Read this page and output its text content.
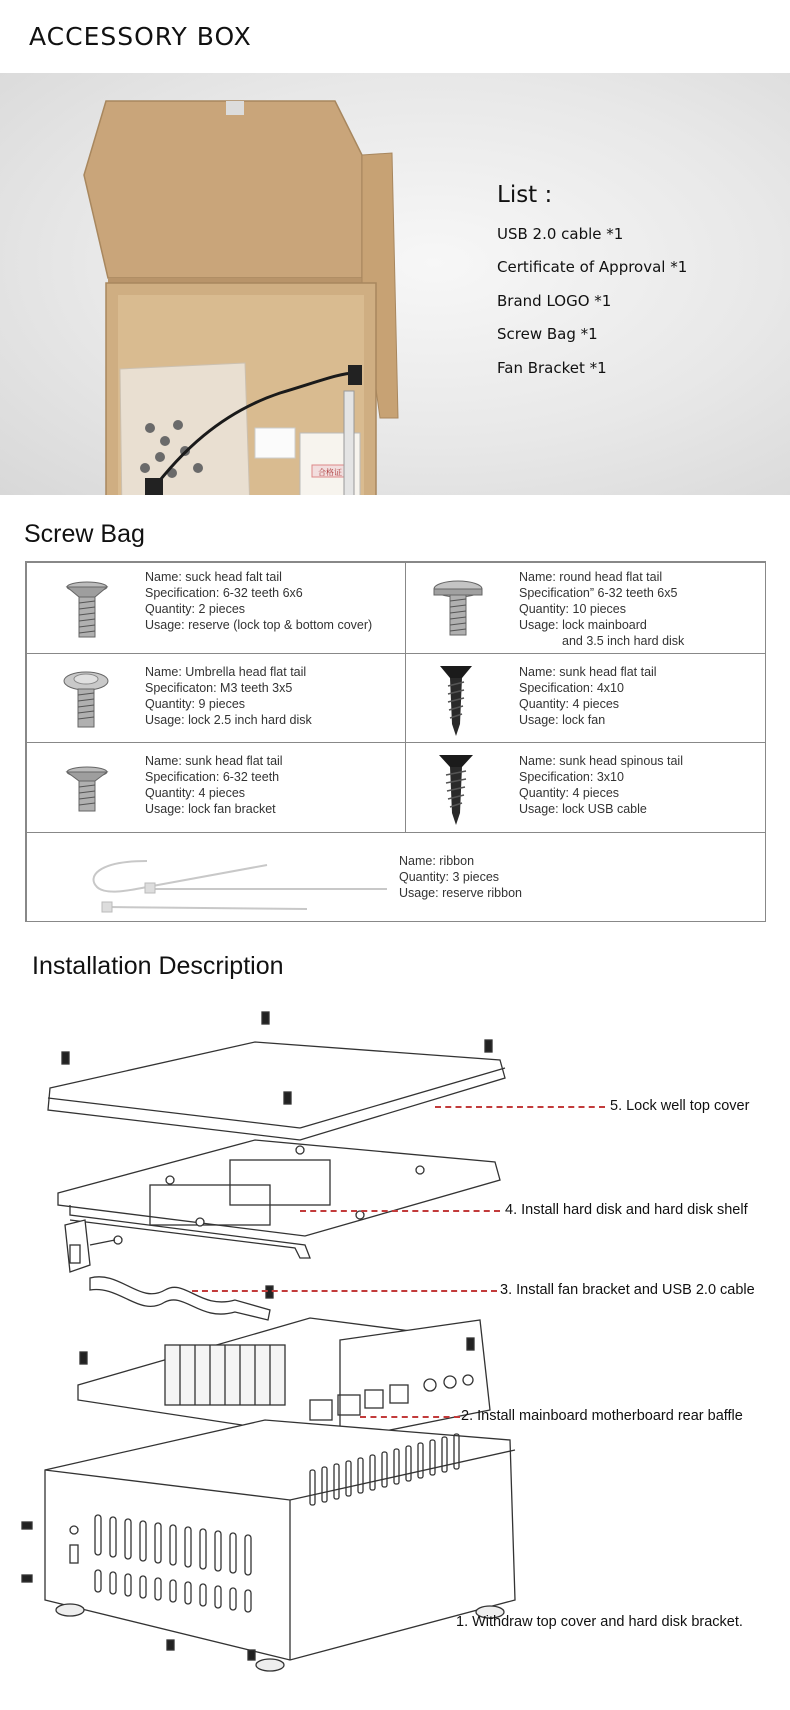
ACCESSORY BOX
合格证
List :
USB 2.0 cable *1
Certificate of Approval *1
Brand LOGO *1
Screw Bag *1
Fan Bracket *1
Screw Bag
Name: suck head falt tail
Specification: 6-32 teeth 6x6
Quantity: 2 pieces
Usage: reserve (lock top & bottom cover)
Name: round head flat tail
Specification” 6-32 teeth 6x5
Quantity: 10 pieces
Usage: lock mainboard
and 3.5 inch hard disk
Name: Umbrella head flat tail
Specificaton: M3 teeth 3x5
Quantity: 9 pieces
Usage: lock 2.5 inch hard disk
Name: sunk head flat tail
Specification: 4x10
Quantity: 4 pieces
Usage: lock fan
Name: sunk head flat tail
Specification: 6-32 teeth
Quantity: 4 pieces
Usage: lock fan bracket
Name: sunk head spinous tail
Specification: 3x10
Quantity: 4 pieces
Usage: lock USB cable
Name: ribbon
Quantity: 3 pieces
Usage: reserve ribbon
Installation Description
5. Lock well top cover
4. Install hard disk and hard disk shelf
3. Install fan bracket and USB 2.0 cable
2. Install mainboard motherboard rear baffle
1. Withdraw top cover and hard disk bracket.
